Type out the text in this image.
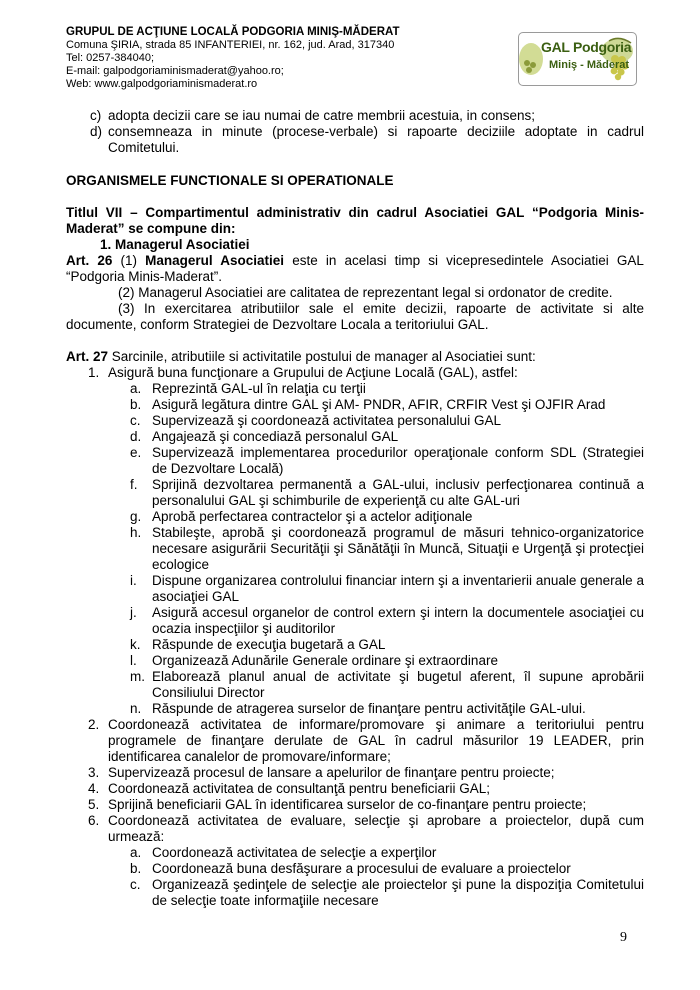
GRUPUL DE ACŢIUNE LOCALĂ PODGORIA MINIŞ-MĂDERAT
Comuna ŞIRIA, strada 85 INFANTERIEI, nr. 162, jud. Arad, 317340
Tel: 0257-384040;
E-mail: galpodgoriaminismaderat@yahoo.ro;
Web: www.galpodgoriaminismaderat.ro
GAL Podgoria
Miniş - Măderat
c) adopta decizii care se iau numai de catre membrii acestuia, in consens;
d) consemneaza in minute (procese-verbale) si rapoarte deciziile adoptate in cadrul Comitetului.
ORGANISMELE FUNCTIONALE SI OPERATIONALE
Titlul VII – Compartimentul administrativ din cadrul Asociatiei GAL “Podgoria Minis-Maderat” se compune din:
1. Managerul Asociatiei
Art. 26 (1) Managerul Asociatiei este in acelasi timp si vicepresedintele Asociatiei GAL “Podgoria Minis-Maderat”.
(2) Managerul Asociatiei are calitatea de reprezentant legal si ordonator de credite.
(3) In exercitarea atributiilor sale el emite decizii, rapoarte de activitate si alte documente, conform Strategiei de Dezvoltare Locala a teritoriului GAL.
Art. 27 Sarcinile, atributiile si activitatile postului de manager al Asociatiei sunt:
1. Asigură buna funcţionare a Grupului de Acţiune Locală (GAL), astfel:
a. Reprezintă GAL-ul în relaţia cu terţii
b. Asigură legătura dintre GAL şi AM- PNDR, AFIR, CRFIR Vest şi OJFIR Arad
c. Supervizează şi coordonează activitatea personalului GAL
d. Angajează şi concediază personalul GAL
e. Supervizează implementarea procedurilor operaţionale conform SDL (Strategiei de Dezvoltare Locală)
f. Sprijină dezvoltarea permanentă a GAL-ului, inclusiv perfecţionarea continuă a personalului GAL şi schimburile de experienţă cu alte GAL-uri
g. Aprobă perfectarea contractelor şi a actelor adiţionale
h. Stabileşte, aprobă şi coordonează programul de măsuri tehnico-organizatorice necesare asigurării Securităţii şi Sănătăţii în Muncă, Situaţii e Urgenţă şi protecţiei ecologice
i. Dispune organizarea controlului financiar intern şi a inventarierii anuale generale a asociaţiei GAL
j. Asigură accesul organelor de control extern şi intern la documentele asociaţiei cu ocazia inspecţiilor şi auditorilor
k. Răspunde de execuţia bugetară a GAL
l. Organizează Adunările Generale ordinare şi extraordinare
m. Elaborează planul anual de activitate şi bugetul aferent, îl supune aprobării Consiliului Director
n. Răspunde de atragerea surselor de finanţare pentru activităţile GAL-ului.
2. Coordonează activitatea de informare/promovare şi animare a teritoriului pentru programele de finanţare derulate de GAL în cadrul măsurilor 19 LEADER, prin identificarea canalelor de promovare/informare;
3. Supervizează procesul de lansare a apelurilor de finanţare pentru proiecte;
4. Coordonează activitatea de consultanţă pentru beneficiarii GAL;
5. Sprijină beneficiarii GAL în identificarea surselor de co-finanţare pentru proiecte;
6. Coordonează activitatea de evaluare, selecţie şi aprobare a proiectelor, după cum urmează:
a. Coordonează activitatea de selecţie a experţilor
b. Coordonează buna desfăşurare a procesului de evaluare a proiectelor
c. Organizează şedinţele de selecţie ale proiectelor şi pune la dispoziţia Comitetului de selecţie toate informaţiile necesare
9
